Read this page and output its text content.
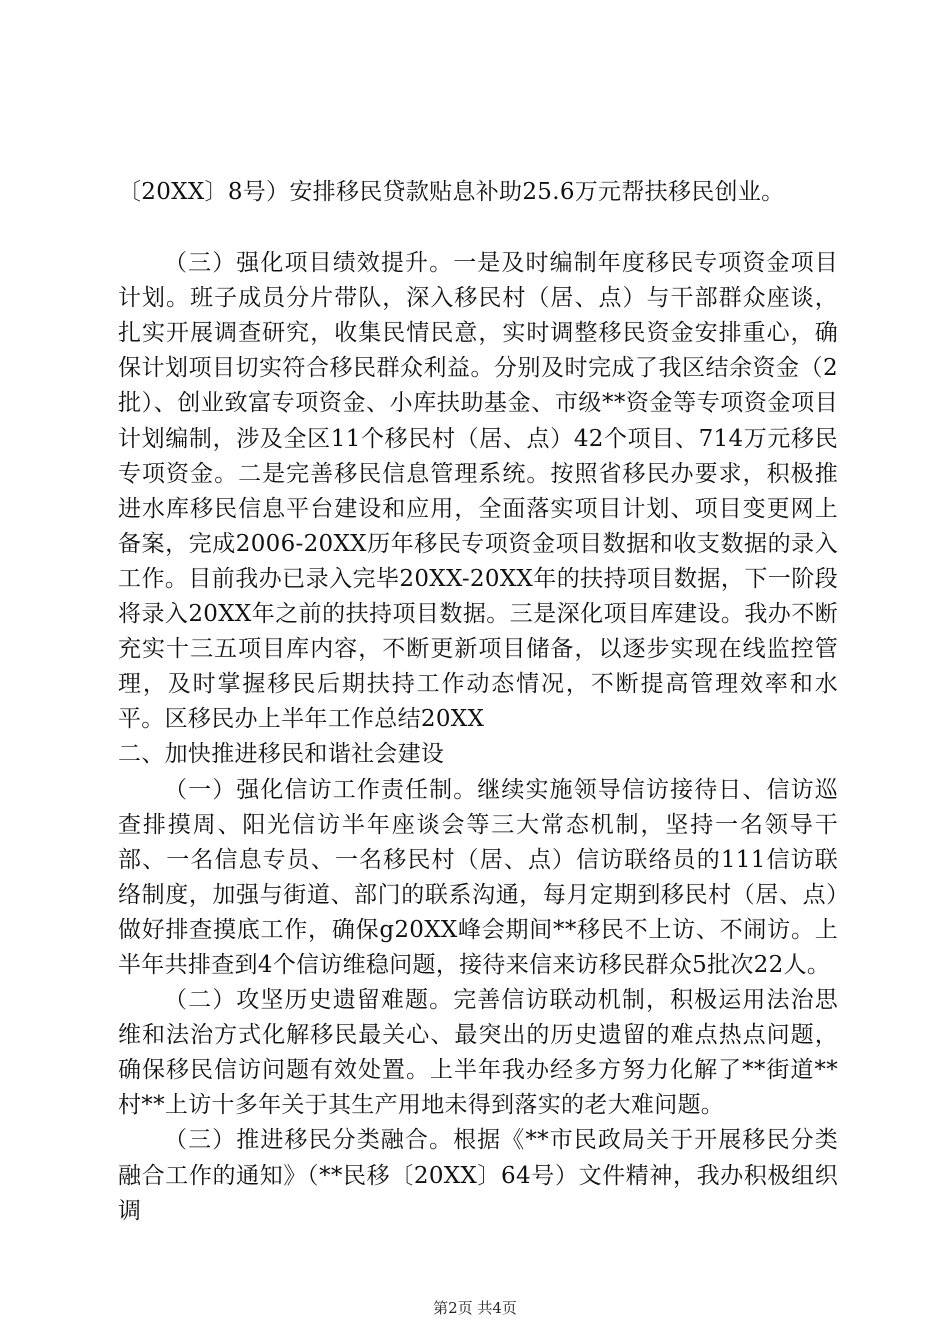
〔20XX〕8号）安排移民贷款贴息补助25.6万元帮扶移民创业。

（三）强化项目绩效提升。一是及时编制年度移民专项资金项目计划。班子成员分片带队，深入移民村（居、点）与干部群众座谈，扎实开展调查研究，收集民情民意，实时调整移民资金安排重心，确保计划项目切实符合移民群众利益。分别及时完成了我区结余资金（2批）、创业致富专项资金、小库扶助基金、市级**资金等专项资金项目计划编制，涉及全区11个移民村（居、点）42个项目、714万元移民专项资金。二是完善移民信息管理系统。按照省移民办要求，积极推进水库移民信息平台建设和应用，全面落实项目计划、项目变更网上备案，完成2006-20XX历年移民专项资金项目数据和收支数据的录入工作。目前我办已录入完毕20XX-20XX年的扶持项目数据，下一阶段将录入20XX年之前的扶持项目数据。三是深化项目库建设。我办不断充实十三五项目库内容，不断更新项目储备，以逐步实现在线监控管理，及时掌握移民后期扶持工作动态情况，不断提高管理效率和水平。区移民办上半年工作总结20XX

二、加快推进移民和谐社会建设

（一）强化信访工作责任制。继续实施领导信访接待日、信访巡查排摸周、阳光信访半年座谈会等三大常态机制，坚持一名领导干部、一名信息专员、一名移民村（居、点）信访联络员的111信访联络制度，加强与街道、部门的联系沟通，每月定期到移民村（居、点）做好排查摸底工作，确保g20XX峰会期间**移民不上访、不闹访。上半年共排查到4个信访维稳问题，接待来信来访移民群众5批次22人。

（二）攻坚历史遗留难题。完善信访联动机制，积极运用法治思维和法治方式化解移民最关心、最突出的历史遗留的难点热点问题，确保移民信访问题有效处置。上半年我办经多方努力化解了**街道**村**上访十多年关于其生产用地未得到落实的老大难问题。

（三）推进移民分类融合。根据《**市民政局关于开展移民分类融合工作的通知》（**民移〔20XX〕64号）文件精神，我办积极组织调

第2页 共4页
